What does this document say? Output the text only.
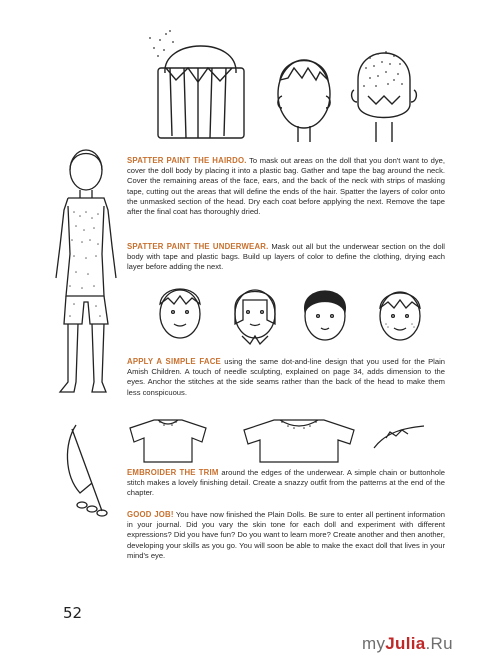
SPATTER PAINT THE HAIRDO. To mask out areas on the doll that you don't want to dye, cover the doll body by placing it into a plastic bag. Gather and tape the bag around the neck. Cover the remaining areas of the face, ears, and the back of the neck with strips of masking tape, cutting out the areas that will define the ends of the hair. Spatter the layers of color onto the unmasked section of the head. Dry each coat before applying the next. Remove the tape after the final coat has thoroughly dried.
SPATTER PAINT THE UNDERWEAR. Mask out all but the underwear section on the doll body with tape and plastic bags. Build up layers of color to define the clothing, drying each layer before adding the next.
APPLY A SIMPLE FACE using the same dot-and-line design that you used for the Plain Amish Children. A touch of needle sculpting, explained on page 34, adds dimension to the eyes. Anchor the stitches at the side seams rather than the back of the head to make them less conspicuous.
EMBROIDER THE TRIM around the edges of the underwear. A simple chain or buttonhole stitch makes a lovely finishing detail. Create a snazzy outfit from the patterns at the end of the chapter.
GOOD JOB! You have now finished the Plain Dolls. Be sure to enter all pertinent information in your journal. Did you vary the skin tone for each doll and experiment with different expressions? Did you have fun? Do you want to learn more? Create another and then another, developing your skills as you go. You will soon be able to make the exact doll that lives in your mind's eye.
52
myJulia.Ru
